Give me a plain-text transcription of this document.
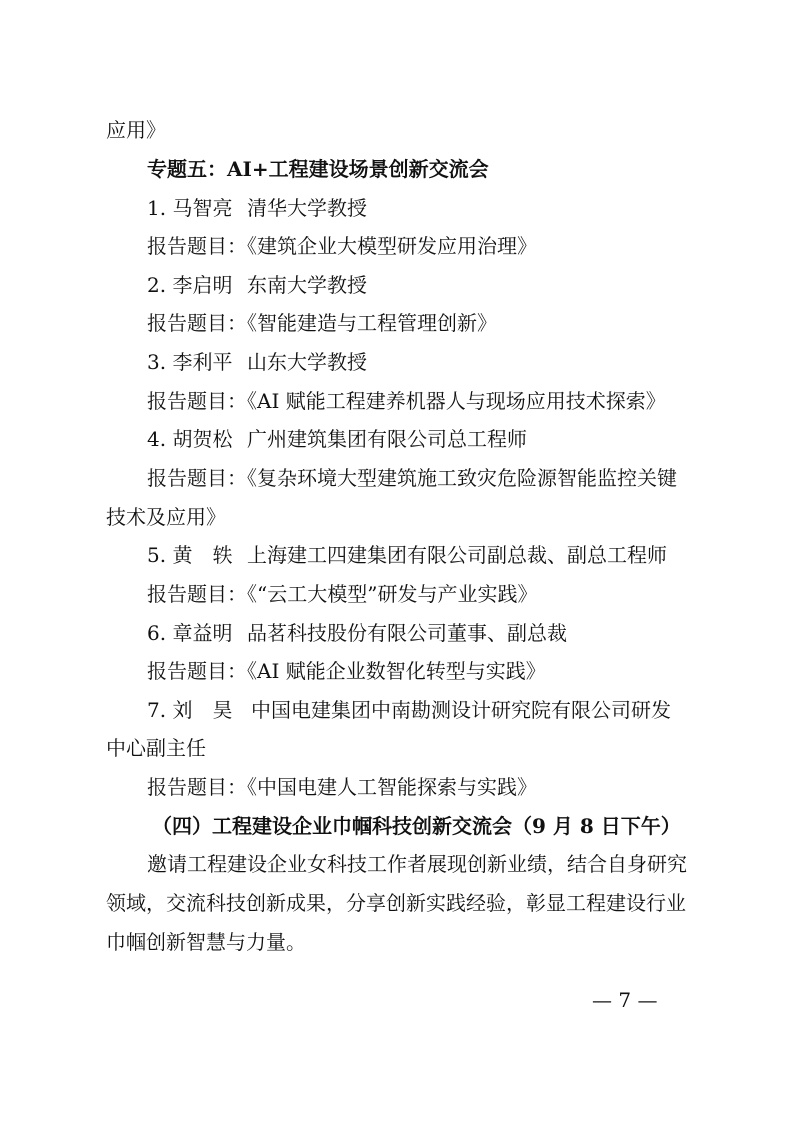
应用》
专题五：AI+工程建设场景创新交流会
1. 马智亮 清华大学教授
报告题目：《建筑企业大模型研发应用治理》
2. 李启明 东南大学教授
报告题目：《智能建造与工程管理创新》
3. 李利平 山东大学教授
报告题目：《AI 赋能工程建养机器人与现场应用技术探索》
4. 胡贺松 广州建筑集团有限公司总工程师
报告题目：《复杂环境大型建筑施工致灾危险源智能监控关键
技术及应用》
5. 黄　轶 上海建工四建集团有限公司副总裁、副总工程师
报告题目：《“云工大模型”研发与产业实践》
6. 章益明 品茗科技股份有限公司董事、副总裁
报告题目：《AI 赋能企业数智化转型与实践》
7. 刘　昊 中国电建集团中南勘测设计研究院有限公司研发
中心副主任
报告题目：《中国电建人工智能探索与实践》
（四）工程建设企业巾帼科技创新交流会（9 月 8 日下午）
邀请工程建设企业女科技工作者展现创新业绩，结合自身研究
领域，交流科技创新成果，分享创新实践经验，彰显工程建设行业
巾帼创新智慧与力量。
— 7 —
